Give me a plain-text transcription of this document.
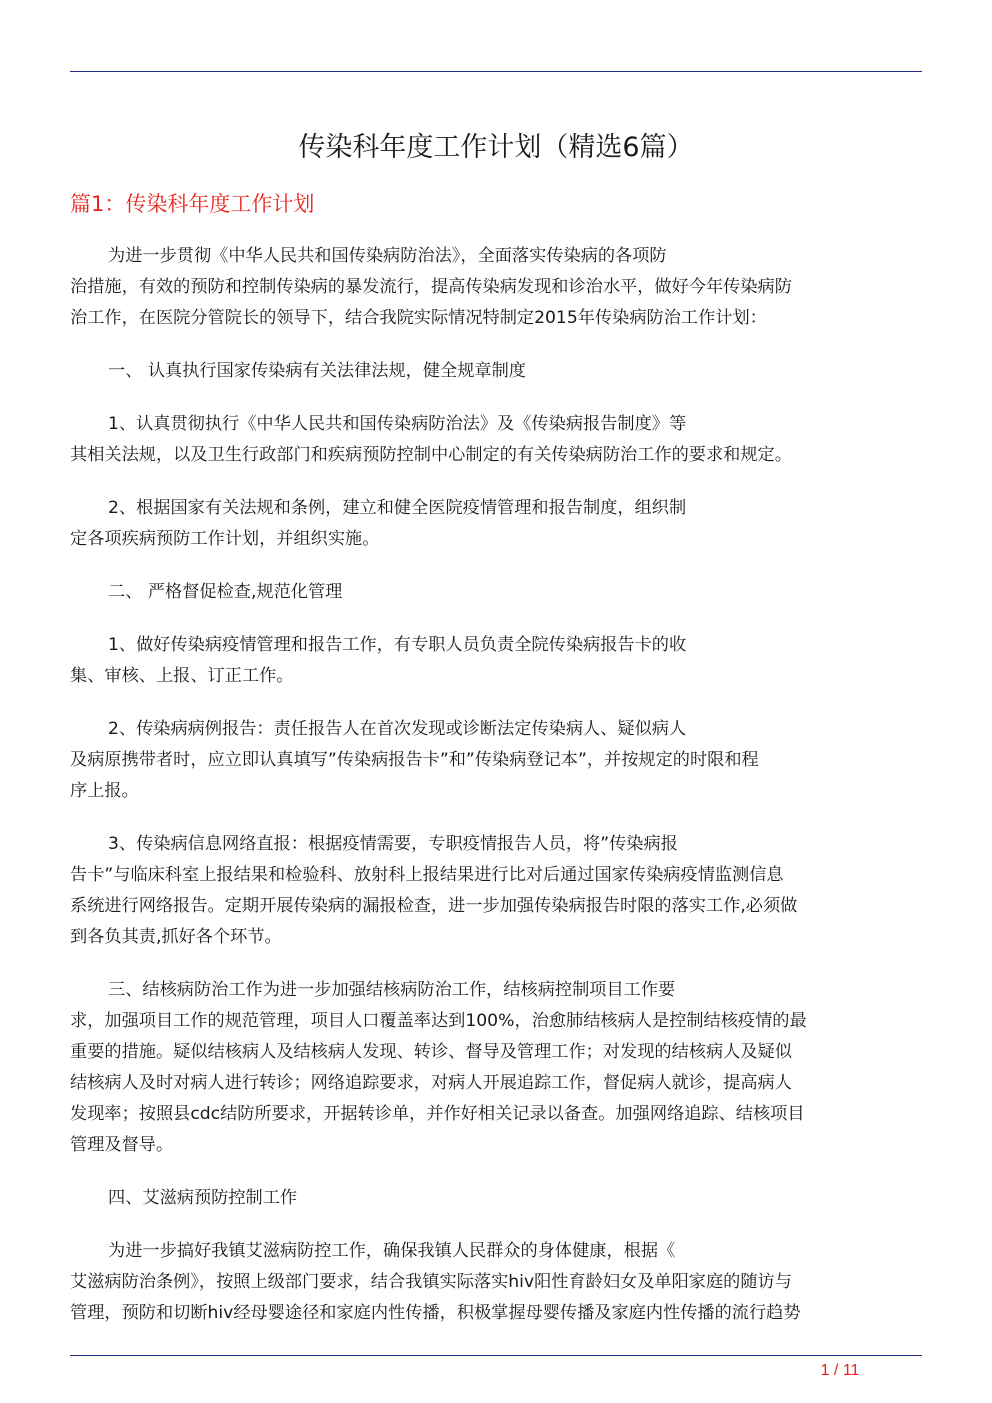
传染科年度工作计划（精选6篇）
篇1：传染科年度工作计划

为进一步贯彻《中华人民共和国传染病防治法》，全面落实传染病的各项防
治措施，有效的预防和控制传染病的暴发流行，提高传染病发现和诊治水平，做好今年传染病防
治工作，在医院分管院长的领导下，结合我院实际情况特制定2015年传染病防治工作计划：

一、 认真执行国家传染病有关法律法规，健全规章制度

1、认真贯彻执行《中华人民共和国传染病防治法》及《传染病报告制度》等
其相关法规，以及卫生行政部门和疾病预防控制中心制定的有关传染病防治工作的要求和规定。

2、根据国家有关法规和条例，建立和健全医院疫情管理和报告制度，组织制
定各项疾病预防工作计划，并组织实施。

二、 严格督促检查,规范化管理

1、做好传染病疫情管理和报告工作，有专职人员负责全院传染病报告卡的收
集、审核、上报、订正工作。

2、传染病病例报告：责任报告人在首次发现或诊断法定传染病人、疑似病人
及病原携带者时，应立即认真填写”传染病报告卡”和”传染病登记本”，并按规定的时限和程
序上报。

3、传染病信息网络直报：根据疫情需要，专职疫情报告人员，将”传染病报
告卡”与临床科室上报结果和检验科、放射科上报结果进行比对后通过国家传染病疫情监测信息
系统进行网络报告。定期开展传染病的漏报检查，进一步加强传染病报告时限的落实工作,必须做
到各负其责,抓好各个环节。

三、结核病防治工作为进一步加强结核病防治工作，结核病控制项目工作要
求，加强项目工作的规范管理，项目人口覆盖率达到100%，治愈肺结核病人是控制结核疫情的最
重要的措施。疑似结核病人及结核病人发现、转诊、督导及管理工作；对发现的结核病人及疑似
结核病人及时对病人进行转诊；网络追踪要求，对病人开展追踪工作，督促病人就诊，提高病人
发现率；按照县cdc结防所要求，开据转诊单，并作好相关记录以备查。加强网络追踪、结核项目
管理及督导。

四、艾滋病预防控制工作

为进一步搞好我镇艾滋病防控工作，确保我镇人民群众的身体健康，根据《
艾滋病防治条例》，按照上级部门要求，结合我镇实际落实hiv阳性育龄妇女及单阳家庭的随访与
管理，预防和切断hiv经母婴途径和家庭内性传播，积极掌握母婴传播及家庭内性传播的流行趋势

1 / 11
